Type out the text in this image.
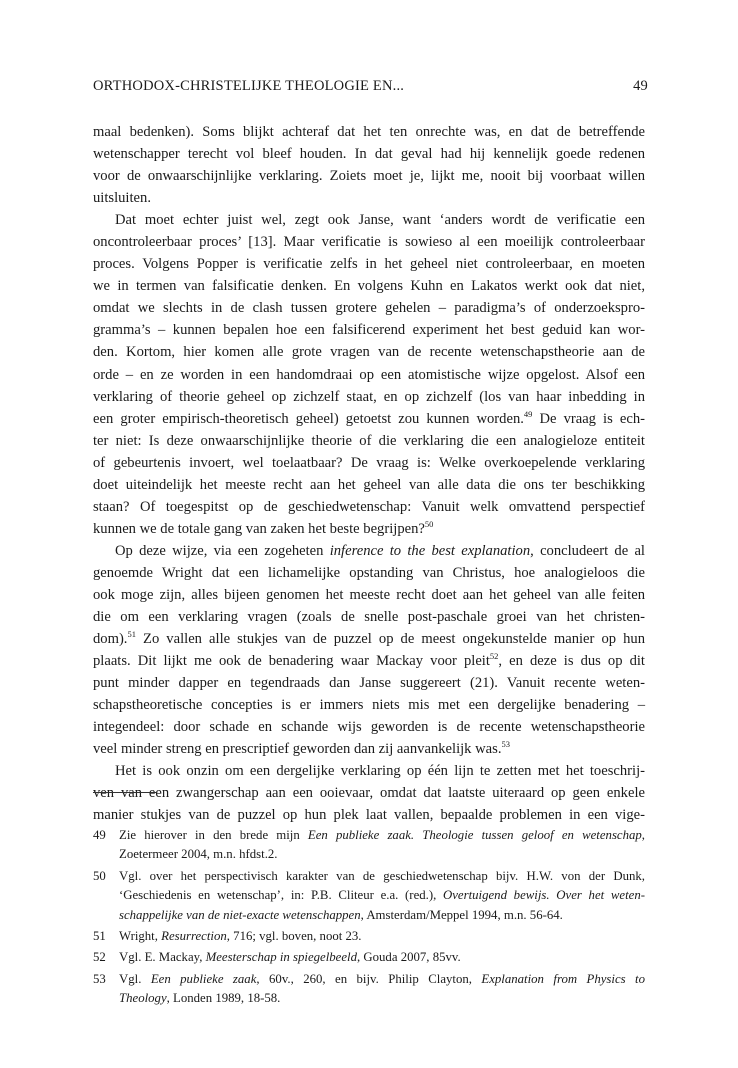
ORTHODOX-CHRISTELIJKE THEOLOGIE EN...	49
maal bedenken). Soms blijkt achteraf dat het ten onrechte was, en dat de betreffende
wetenschapper terecht vol bleef houden. In dat geval had hij kennelijk goede redenen
voor de onwaarschijnlijke verklaring. Zoiets moet je, lijkt me, nooit bij voorbaat willen
uitsluiten.
Dat moet echter juist wel, zegt ook Janse, want ‘anders wordt de verificatie een
oncontroleerbaar proces’ [13]. Maar verificatie is sowieso al een moeilijk controleerbaar
proces. Volgens Popper is verificatie zelfs in het geheel niet controleerbaar, en moeten
we in termen van falsificatie denken. En volgens Kuhn en Lakatos werkt ook dat niet,
omdat we slechts in de clash tussen grotere gehelen – paradigma’s of onderzoekspro-
gramma’s – kunnen bepalen hoe een falsificerend experiment het best geduid kan wor-
den. Kortom, hier komen alle grote vragen van de recente wetenschapstheorie aan de
orde – en ze worden in een handomdraai op een atomistische wijze opgelost. Alsof een
verklaring of theorie geheel op zichzelf staat, en op zichzelf (los van haar inbedding in
een groter empirisch-theoretisch geheel) getoetst zou kunnen worden.$^{49}$ De vraag is ech-
ter niet: Is deze onwaarschijnlijke theorie of die verklaring die een analogieloze entiteit
of gebeurtenis invoert, wel toelaatbaar? De vraag is: Welke overkoepelende verklaring
doet uiteindelijk het meeste recht aan het geheel van alle data die ons ter beschikking
staan? Of toegespitst op de geschiedwetenschap: Vanuit welk omvattend perspectief
kunnen we de totale gang van zaken het beste begrijpen?$^{50}$
Op deze wijze, via een zogeheten inference to the best explanation, concludeert de al
genoemde Wright dat een lichamelijke opstanding van Christus, hoe analogieloos die
ook moge zijn, alles bijeen genomen het meeste recht doet aan het geheel van alle feiten
die om een verklaring vragen (zoals de snelle post-paschale groei van het christen-
dom).$^{51}$ Zo vallen alle stukjes van de puzzel op de meest ongekunstelde manier op hun
plaats. Dit lijkt me ook de benadering waar Mackay voor pleit$^{52}$, en deze is dus op dit
punt minder dapper en tegendraads dan Janse suggereert (21). Vanuit recente weten-
schapstheoretische concepties is er immers niets mis met een dergelijke benadering –
integendeel: door schade en schande wijs geworden is de recente wetenschapstheorie
veel minder streng en prescriptief geworden dan zij aanvankelijk was.$^{53}$
Het is ook onzin om een dergelijke verklaring op één lijn te zetten met het toeschrij-
ven van een zwangerschap aan een ooievaar, omdat dat laatste uiteraard op geen enkele
manier stukjes van de puzzel op hun plek laat vallen, bepaalde problemen in een vige-
49	Zie hierover in den brede mijn Een publieke zaak. Theologie tussen geloof en wetenschap,
Zoetermeer 2004, m.n. hfdst.2.
50	Vgl. over het perspectivisch karakter van de geschiedwetenschap bijv. H.W. von der Dunk,
‘Geschiedenis en wetenschap’, in: P.B. Cliteur e.a. (red.), Overtuigend bewijs. Over het weten-
schappelijke van de niet-exacte wetenschappen, Amsterdam/Meppel 1994, m.n. 56-64.
51	Wright, Resurrection, 716; vgl. boven, noot 23.
52	Vgl. E. Mackay, Meesterschap in spiegelbeeld, Gouda 2007, 85vv.
53	Vgl. Een publieke zaak, 60v., 260, en bijv. Philip Clayton, Explanation from Physics to
Theology, Londen 1989, 18-58.
